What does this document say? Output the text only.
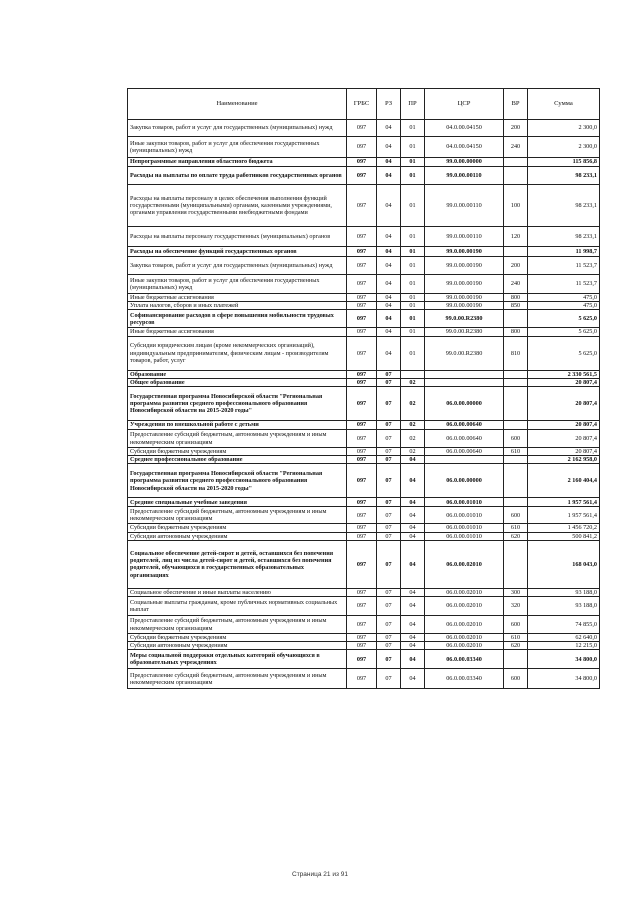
Наименование	ГРБС	РЗ	ПР	ЦСР	ВР	Сумма
Закупка товаров, работ и услуг для государственных (муниципальных) нужд	097	04	01	04.0.00.04150	200	2 300,0
Иные закупки товаров, работ и услуг для обеспечения государственных (муниципальных) нужд	097	04	01	04.0.00.04150	240	2 300,0
Непрограммные направления областного бюджета	097	04	01	99.0.00.00000		115 856,8
Расходы на выплаты по оплате труда работников государственных органов	097	04	01	99.0.00.00110		98 233,1
Расходы на выплаты персоналу в целях обеспечения выполнения функций государственными (муниципальными) органами, казенными учреждениями, органами управления государственными внебюджетными фондами	097	04	01	99.0.00.00110	100	98 233,1
Расходы на выплаты персоналу государственных (муниципальных) органов	097	04	01	99.0.00.00110	120	98 233,1
Расходы на обеспечение функций государственных органов	097	04	01	99.0.00.00190		11 998,7
Закупка товаров, работ и услуг для государственных (муниципальных) нужд	097	04	01	99.0.00.00190	200	11 523,7
Иные закупки товаров, работ и услуг для обеспечения государственных (муниципальных) нужд	097	04	01	99.0.00.00190	240	11 523,7
Иные бюджетные ассигнования	097	04	01	99.0.00.00190	800	475,0
Уплата налогов, сборов и иных платежей	097	04	01	99.0.00.00190	850	475,0
Софинансирование расходов в сфере повышения мобильности трудовых ресурсов	097	04	01	99.0.00.R2380		5 625,0
Иные бюджетные ассигнования	097	04	01	99.0.00.R2380	800	5 625,0
Субсидии юридическим лицам (кроме некоммерческих организаций), индивидуальным предпринимателям, физическим лицам - производителям товаров, работ, услуг	097	04	01	99.0.00.R2380	810	5 625,0
Образование	097	07				2 330 561,5
Общее образование	097	07	02			20 807,4
Государственная программа Новосибирской области "Региональная программа развития среднего профессионального образования Новосибирской области на 2015-2020 годы"	097	07	02	06.0.00.00000		20 807,4
Учреждения по внешкольной работе с детьми	097	07	02	06.0.00.00640		20 807,4
Предоставление субсидий бюджетным, автономным учреждениям и иным некоммерческим организациям	097	07	02	06.0.00.00640	600	20 807,4
Субсидии бюджетным учреждениям	097	07	02	06.0.00.00640	610	20 807,4
Среднее профессиональное образование	097	07	04			2 162 958,0
Государственная программа Новосибирской области "Региональная программа развития среднего профессионального образования Новосибирской области на 2015-2020 годы"	097	07	04	06.0.00.00000		2 160 404,4
Средние специальные учебные заведения	097	07	04	06.0.00.01010		1 957 561,4
Предоставление субсидий бюджетным, автономным учреждениям и иным некоммерческим организациям	097	07	04	06.0.00.01010	600	1 957 561,4
Субсидии бюджетным учреждениям	097	07	04	06.0.00.01010	610	1 456 720,2
Субсидии автономным учреждениям	097	07	04	06.0.00.01010	620	500 841,2
Социальное обеспечение детей-сирот и детей, оставшихся без попечения родителей, лиц из числа детей-сирот и детей, оставшихся без попечения родителей, обучающихся в государственных образовательных организациях	097	07	04	06.0.00.02010		168 043,0
Социальное обеспечение и иные выплаты населению	097	07	04	06.0.00.02010	300	93 188,0
Социальные выплаты гражданам, кроме публичных нормативных социальных выплат	097	07	04	06.0.00.02010	320	93 188,0
Предоставление субсидий бюджетным, автономным учреждениям и иным некоммерческим организациям	097	07	04	06.0.00.02010	600	74 855,0
Субсидии бюджетным учреждениям	097	07	04	06.0.00.02010	610	62 640,0
Субсидии автономным учреждениям	097	07	04	06.0.00.02010	620	12 215,0
Меры социальной поддержки отдельных категорий обучающихся в образовательных учреждениях	097	07	04	06.0.00.03340		34 800,0
Предоставление субсидий бюджетным, автономным учреждениям и иным некоммерческим организациям	097	07	04	06.0.00.03340	600	34 800,0
Страница 21 из 91
